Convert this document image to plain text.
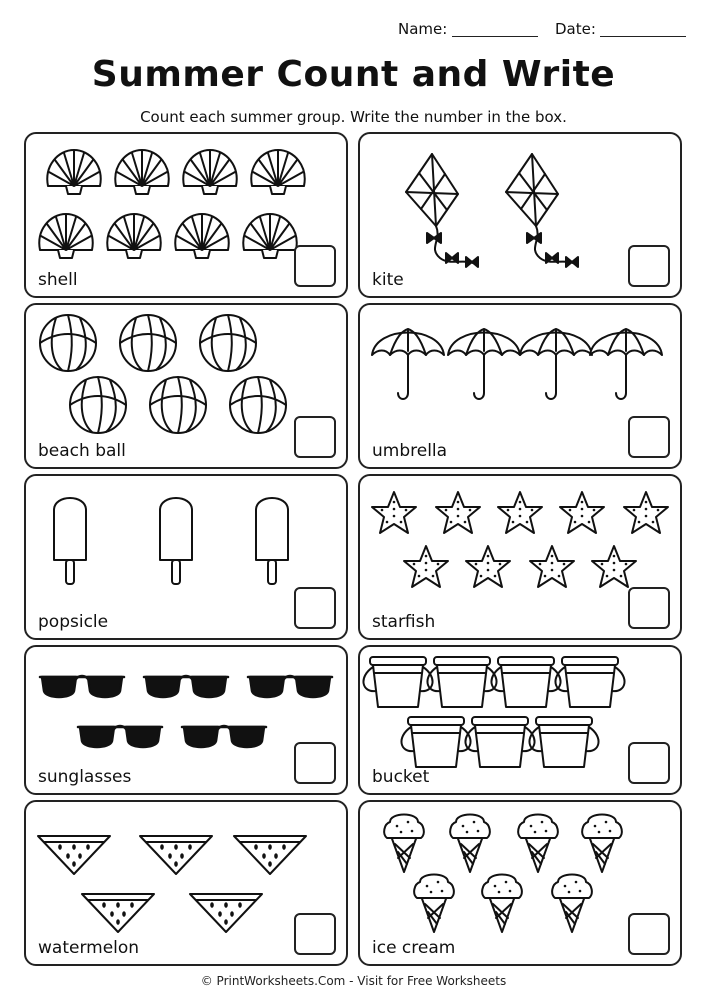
Name:	Date:
Summer Count and Write
Count each summer group. Write the number in the box.
shell	kite
beach ball	umbrella
popsicle	starfish
sunglasses	bucket
watermelon	ice cream
© PrintWorksheets.Com - Visit for Free Worksheets
